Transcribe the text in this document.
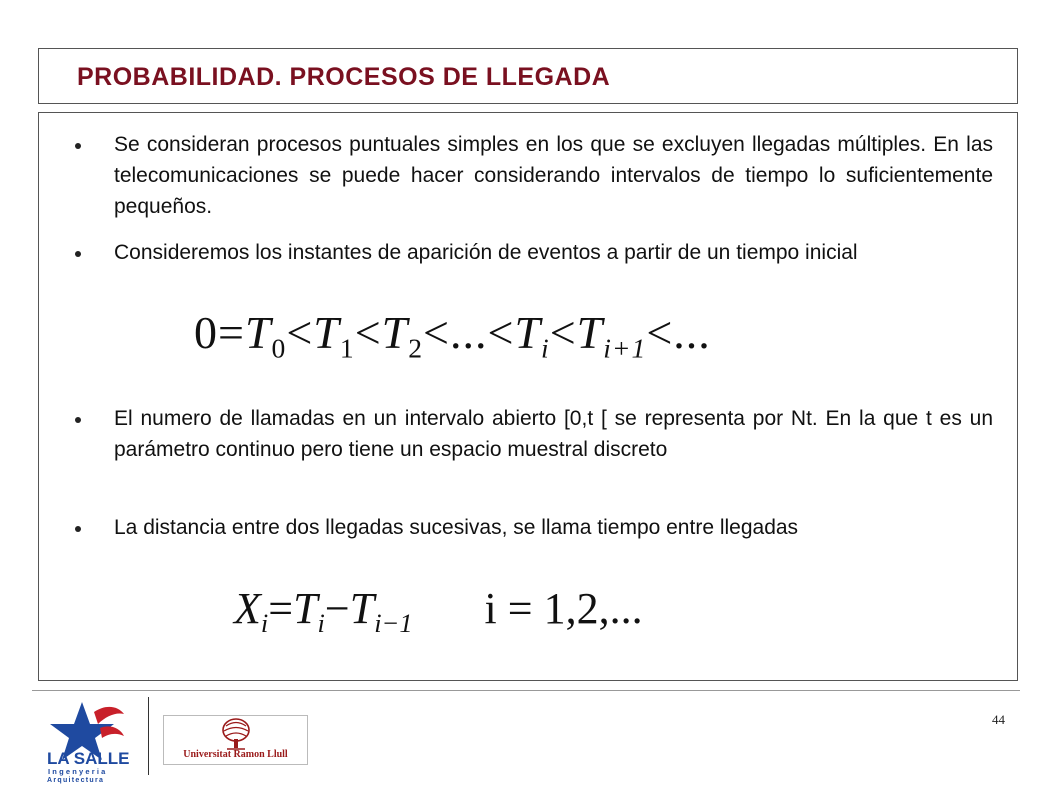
PROBABILIDAD. PROCESOS DE LLEGADA

Se consideran procesos puntuales simples en los que se excluyen llegadas múltiples. En las telecomunicaciones se puede hacer considerando intervalos de tiempo lo suficientemente pequeños.

Consideremos los instantes de aparición de eventos a partir de un tiempo inicial

$0=T_0<T_1<T_2<...<T_i<T_{i+1}<$...

El numero de llamadas en un intervalo abierto [0,t [ se representa por Nt. En la que t es un parámetro continuo pero tiene un espacio muestral discreto

La distancia entre dos llegadas sucesivas, se llama tiempo entre llegadas

$X_i=T_i-T_{i-1}$ i = 1,2,...
LA SALLE
Ingenyeria
Arquitectura
Universitat Ramon Llull
44
